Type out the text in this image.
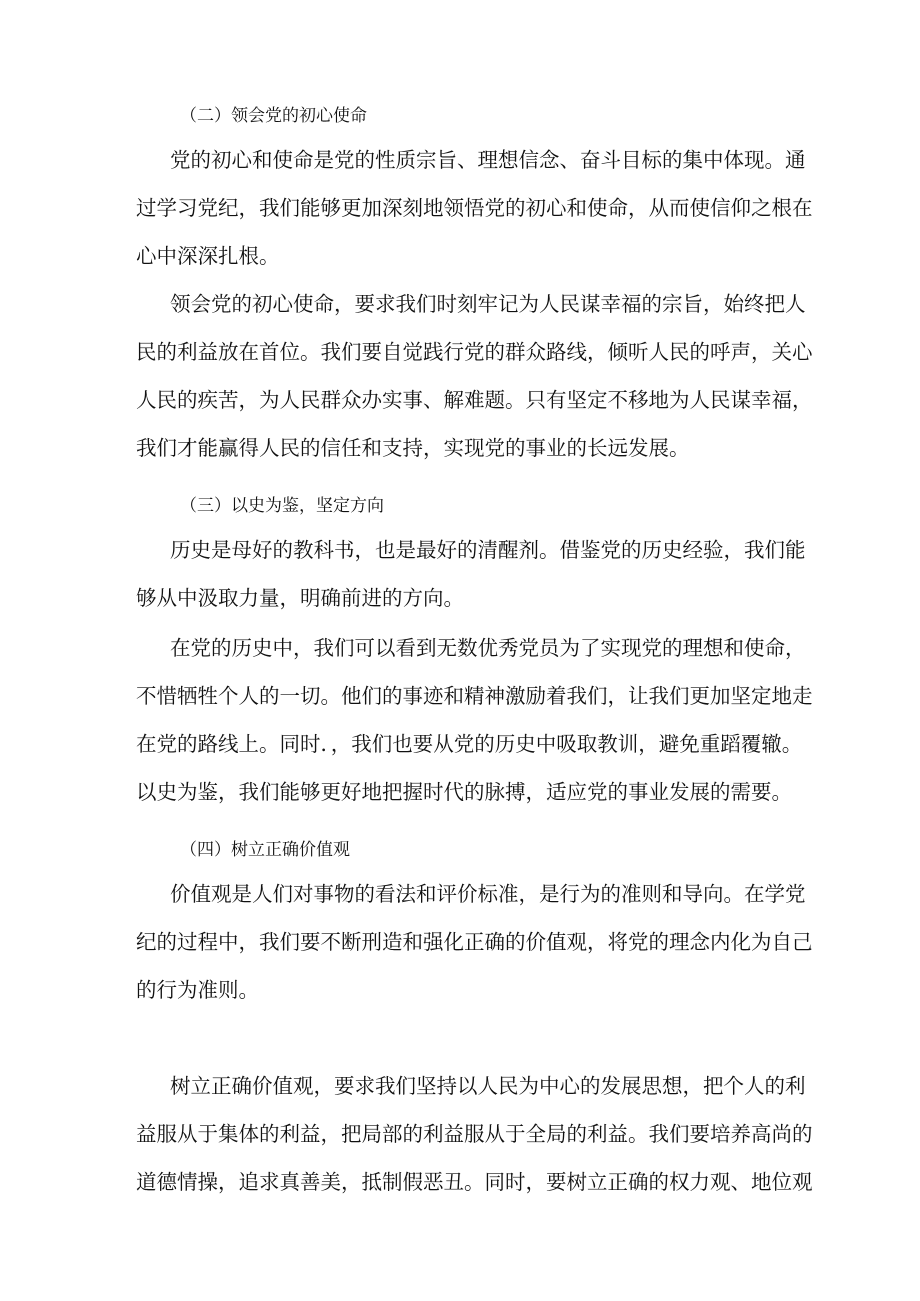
（二）领会党的初心使命
党的初心和使命是党的性质宗旨、理想信念、奋斗目标的集中体现。通
过学习党纪，我们能够更加深刻地领悟党的初心和使命，从而使信仰之根在
心中深深扎根。
领会党的初心使命，要求我们时刻牢记为人民谋幸福的宗旨，始终把人
民的利益放在首位。我们要自觉践行党的群众路线，倾听人民的呼声，关心
人民的疾苦，为人民群众办实事、解难题。只有坚定不移地为人民谋幸福，
我们才能赢得人民的信任和支持，实现党的事业的长远发展。
（三）以史为鉴，坚定方向
历史是母好的教科书，也是最好的清醒剂。借鉴党的历史经验，我们能
够从中汲取力量，明确前进的方向。
在党的历史中，我们可以看到无数优秀党员为了实现党的理想和使命，
不惜牺牲个人的一切。他们的事迹和精神激励着我们，让我们更加坚定地走
在党的路线上。同时．，我们也要从党的历史中吸取教训，避免重蹈覆辙。
以史为鉴，我们能够更好地把握时代的脉搏，适应党的事业发展的需要。
（四）树立正确价值观
价值观是人们对事物的看法和评价标准，是行为的准则和导向。在学党
纪的过程中，我们要不断刑造和强化正确的价值观，将党的理念内化为自己
的行为准则。
树立正确价值观，要求我们坚持以人民为中心的发展思想，把个人的利
益服从于集体的利益，把局部的利益服从于全局的利益。我们要培养高尚的
道德情操，追求真善美，抵制假恶丑。同时，要树立正确的权力观、地位观
